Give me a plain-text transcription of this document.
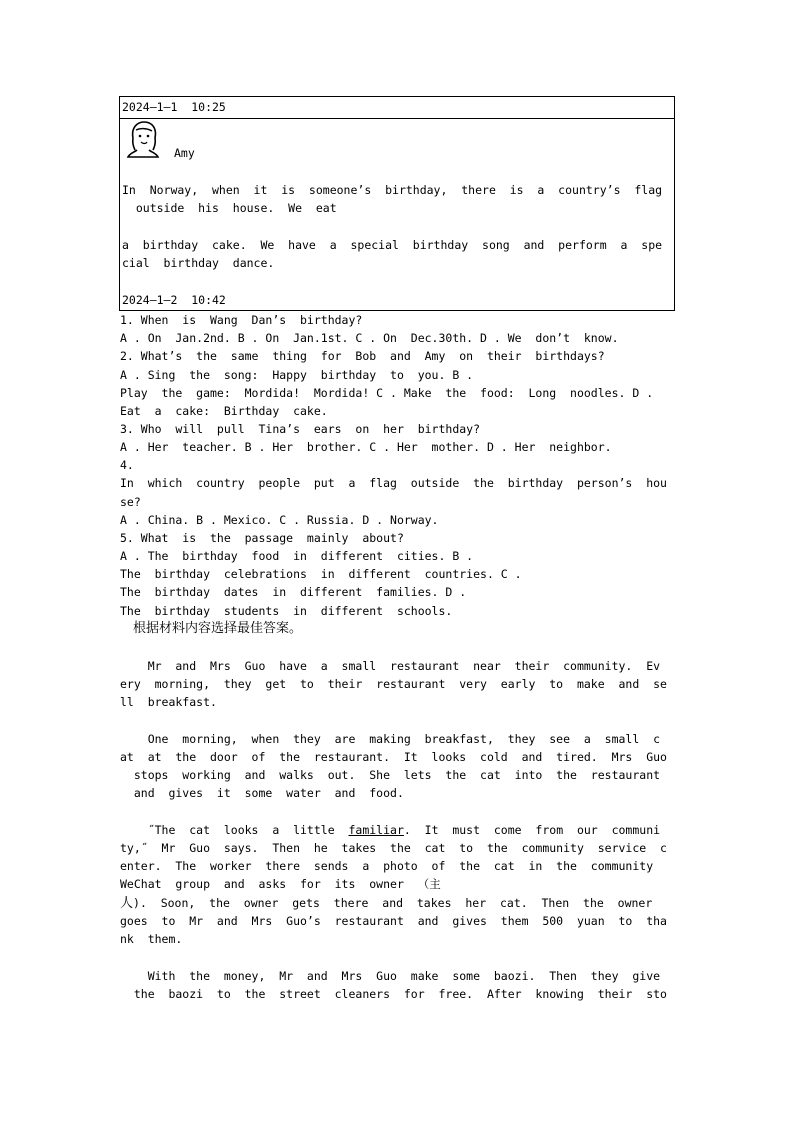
2024—1—1  10:25
Amy
In  Norway,  when  it  is  someone’s  birthday,  there  is  a  country’s  flag
outside  his  house.  We  eat
a  birthday  cake.  We  have  a  special  birthday  song  and  perform  a  spe
cial  birthday  dance.
2024—1—2  10:42
1. When  is  Wang  Dan’s  birthday?
A . On  Jan.2nd. B . On  Jan.1st. C . On  Dec.30th. D . We  don’t  know.
2. What’s  the  same  thing  for  Bob  and  Amy  on  their  birthdays?
A . Sing  the  song:  Happy  birthday  to  you. B .
Play  the  game:  Mordida!  Mordida! C . Make  the  food:  Long  noodles. D .
Eat  a  cake:  Birthday  cake.
3. Who  will  pull  Tina’s  ears  on  her  birthday?
A . Her  teacher. B . Her  brother. C . Her  mother. D . Her  neighbor.
4.
In  which  country  people  put  a  flag  outside  the  birthday  person’s  hou
se?
A . China. B . Mexico. C . Russia. D . Norway.
5. What  is  the  passage  mainly  about?
A . The  birthday  food  in  different  cities. B .
The  birthday  celebrations  in  different  countries. C .
The  birthday  dates  in  different  families. D .
The  birthday  students  in  different  schools.
根据材料内容选择最佳答案。
Mr  and  Mrs  Guo  have  a  small  restaurant  near  their  community.  Ev
ery  morning,  they  get  to  their  restaurant  very  early  to  make  and  se
ll  breakfast.
One  morning,  when  they  are  making  breakfast,  they  see  a  small  c
at  at  the  door  of  the  restaurant.  It  looks  cold  and  tired.  Mrs  Guo
stops  working  and  walks  out.  She  lets  the  cat  into  the  restaurant
and  gives  it  some  water  and  food.
˝The  cat  looks  a  little  familiar.  It  must  come  from  our  communi
ty,˝  Mr  Guo  says.  Then  he  takes  the  cat  to  the  community  service  c
enter.  The  worker  there  sends  a  photo  of  the  cat  in  the  community
WeChat  group  and  asks  for  its  owner  （主
人).  Soon,  the  owner  gets  there  and  takes  her  cat.  Then  the  owner
goes  to  Mr  and  Mrs  Guo’s  restaurant  and  gives  them  500  yuan  to  tha
nk  them.
With  the  money,  Mr  and  Mrs  Guo  make  some  baozi.  Then  they  give
the  baozi  to  the  street  cleaners  for  free.  After  knowing  their  sto
